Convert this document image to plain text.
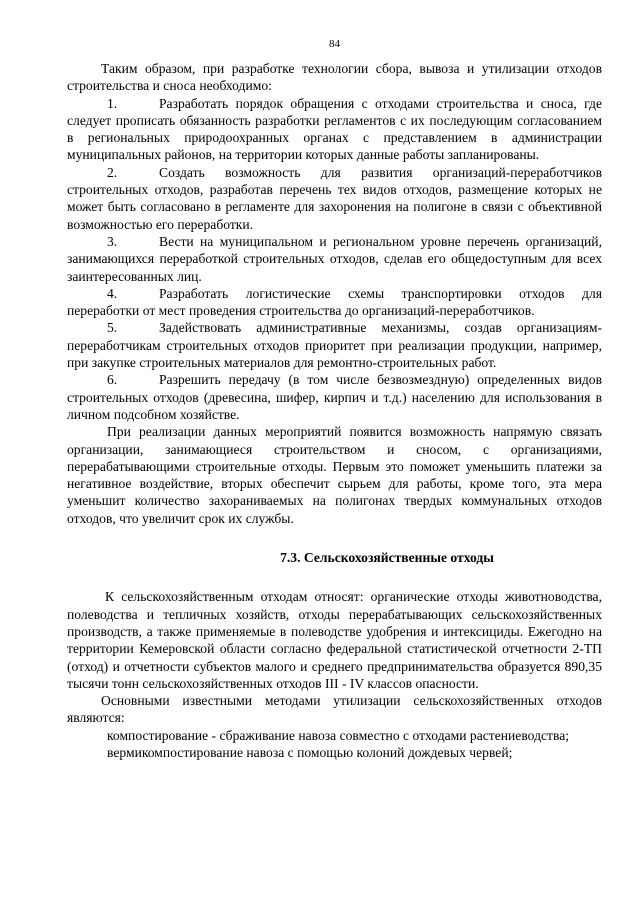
84

Таким образом, при разработке технологии сбора, вывоза и утилизации отходов строительства и сноса необходимо:

1.	Разработать порядок обращения с отходами строительства и сноса, где следует прописать обязанность разработки регламентов с их последующим согласованием в региональных природоохранных органах с представлением в администрации муниципальных районов, на территории которых данные работы запланированы.

2.	Создать возможность для развития организаций-переработчиков строительных отходов, разработав перечень тех видов отходов, размещение которых не может быть согласовано в регламенте для захоронения на полигоне в связи с объективной возможностью его переработки.

3.	Вести на муниципальном и региональном уровне перечень организаций, занимающихся переработкой строительных отходов, сделав его общедоступным для всех заинтересованных лиц.

4.	Разработать логистические схемы транспортировки отходов для переработки от мест проведения строительства до организаций-переработчиков.

5.	Задействовать административные механизмы, создав организациям-переработчикам строительных отходов приоритет при реализации продукции, например, при закупке строительных материалов для ремонтно-строительных работ.

6.	Разрешить передачу (в том числе безвозмездную) определенных видов строительных отходов (древесина, шифер, кирпич и т.д.) населению для использования в личном подсобном хозяйстве.

При реализации данных мероприятий появится возможность напрямую связать организации, занимающиеся строительством и сносом, с организациями, перерабатывающими строительные отходы. Первым это поможет уменьшить платежи за негативное воздействие, вторых обеспечит сырьем для работы, кроме того, эта мера уменьшит количество захораниваемых на полигонах твердых коммунальных отходов отходов, что увеличит срок их службы.

7.3. Сельскохозяйственные отходы

К сельскохозяйственным отходам относят: органические отходы животноводства, полеводства и тепличных хозяйств, отходы перерабатывающих сельскохозяйственных производств, а также применяемые в полеводстве удобрения и интексициды. Ежегодно на территории Кемеровской области согласно федеральной статистической отчетности 2-ТП (отход) и отчетности субъектов малого и среднего предпринимательства образуется 890,35 тысячи тонн сельскохозяйственных отходов III - IV классов опасности.

Основными известными методами утилизации сельскохозяйственных отходов являются:

компостирование - сбраживание навоза совместно с отходами растениеводства;

вермикомпостирование навоза с помощью колоний дождевых червей;
